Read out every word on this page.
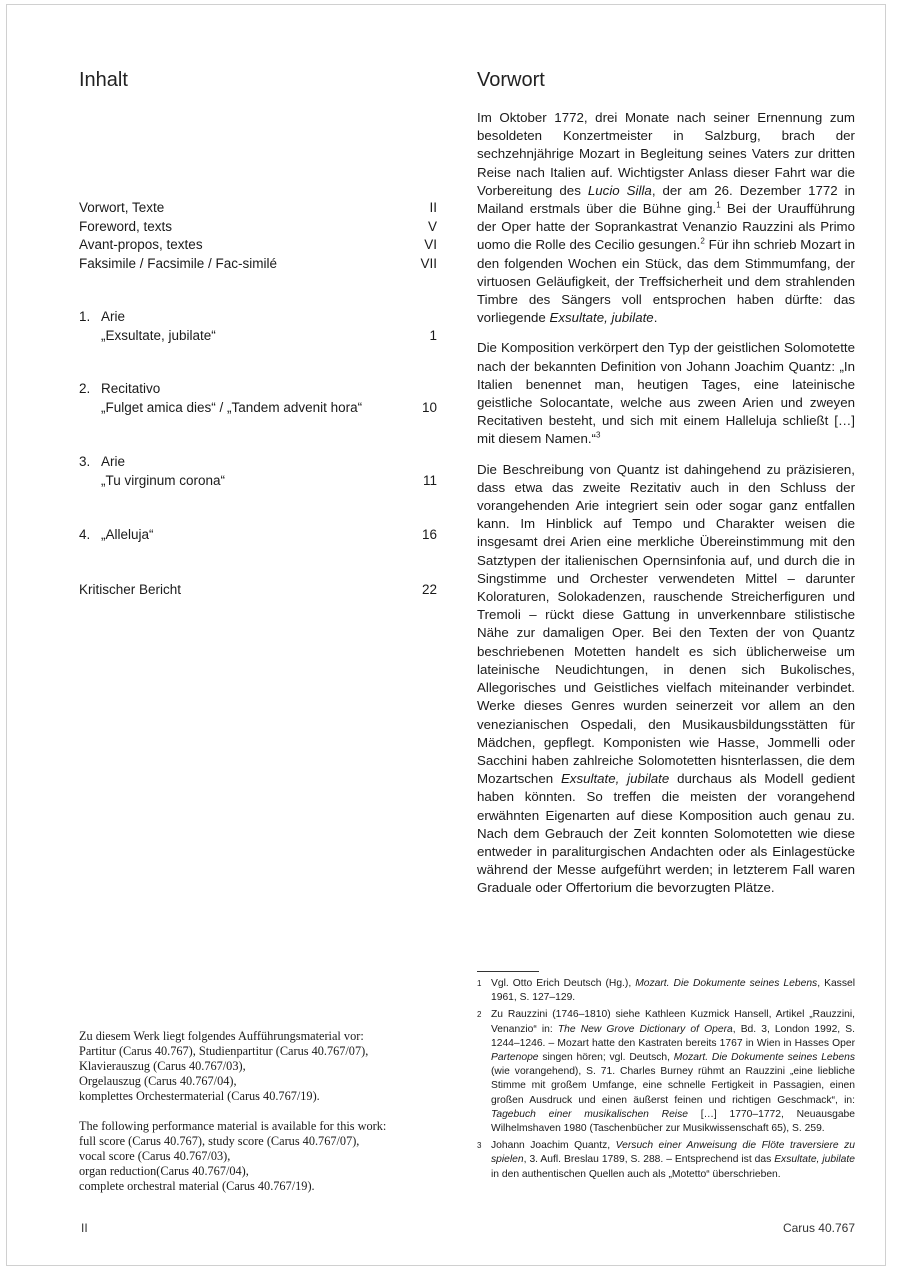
Inhalt
Vorwort, Texte	II
Foreword, texts	V
Avant-propos, textes	VI
Faksimile / Facsimile / Fac-similé	VII
1. Arie
„Exsultate, jubilate“	1
2. Recitativo
„Fulget amica dies“ / „Tandem advenit hora“	10
3. Arie
„Tu virginum corona“	11
4. „Alleluja“	16
Kritischer Bericht	22

Zu diesem Werk liegt folgendes Aufführungsmaterial vor:

Partitur (Carus 40.767), Studienpartitur (Carus 40.767/07),

Klavierauszug (Carus 40.767/03),

Orgelauszug (Carus 40.767/04),

komplettes Orchestermaterial (Carus 40.767/19).

The following performance material is available for this work:

full score (Carus 40.767), study score (Carus 40.767/07),

vocal score (Carus 40.767/03),

organ reduction(Carus 40.767/04),

complete orchestral material (Carus 40.767/19).

Vorwort

Im Oktober 1772, drei Monate nach seiner Ernennung zum besoldeten Konzertmeister in Salzburg, brach der sechzehnjährige Mozart in Begleitung seines Vaters zur dritten Reise nach Italien auf. Wichtigster Anlass dieser Fahrt war die Vorbereitung des Lucio Silla, der am 26. Dezember 1772 in Mailand erstmals über die Bühne ging.$^1$ Bei der Uraufführung der Oper hatte der Soprankastrat Venanzio Rauzzini als Primo uomo die Rolle des Cecilio gesungen.$^2$ Für ihn schrieb Mozart in den folgenden Wochen ein Stück, das dem Stimmumfang, der virtuosen Geläufigkeit, der Treffsicherheit und dem strahlenden Timbre des Sängers voll entsprochen haben dürfte: das vorliegende Exsultate, jubilate.

Die Komposition verkörpert den Typ der geistlichen Solomotette nach der bekannten Definition von Johann Joachim Quantz: „In Italien benennet man, heutigen Tages, eine lateinische geistliche Solocantate, welche aus zween Arien und zweyen Recitativen besteht, und sich mit einem Halleluja schließt […] mit diesem Namen.“$^3$

Die Beschreibung von Quantz ist dahingehend zu präzisieren, dass etwa das zweite Rezitativ auch in den Schluss der vorangehenden Arie integriert sein oder sogar ganz entfallen kann. Im Hinblick auf Tempo und Charakter weisen die insgesamt drei Arien eine merkliche Übereinstimmung mit den Satztypen der italienischen Opernsinfonia auf, und durch die in Singstimme und Orchester verwendeten Mittel – darunter Koloraturen, Solokadenzen, rauschende Streicherfiguren und Tremoli – rückt diese Gattung in unverkennbare stilistische Nähe zur damaligen Oper. Bei den Texten der von Quantz beschriebenen Motetten handelt es sich üblicherweise um lateinische Neudichtungen, in denen sich Bukolisches, Allegorisches und Geistliches vielfach miteinander verbindet. Werke dieses Genres wurden seinerzeit vor allem an den venezianischen Ospedali, den Musikausbildungsstätten für Mädchen, gepflegt. Komponisten wie Hasse, Jommelli oder Sacchini haben zahlreiche Solomotetten hisnterlassen, die dem Mozartschen Exsultate, jubilate durchaus als Modell gedient haben könnten. So treffen die meisten der vorangehend erwähnten Eigenarten auf diese Komposition auch genau zu. Nach dem Gebrauch der Zeit konnten Solomotetten wie diese entweder in paraliturgischen Andachten oder als Einlagestücke während der Messe aufgeführt werden; in letzterem Fall waren Graduale oder Offertorium die bevorzugten Plätze.

1 Vgl. Otto Erich Deutsch (Hg.), Mozart. Die Dokumente seines Lebens, Kassel 1961, S. 127–129.
2 Zu Rauzzini (1746–1810) siehe Kathleen Kuzmick Hansell, Artikel „Rauzzini, Venanzio“ in: The New Grove Dictionary of Opera, Bd. 3, London 1992, S. 1244–1246. – Mozart hatte den Kastraten bereits 1767 in Wien in Hasses Oper Partenope singen hören; vgl. Deutsch, Mozart. Die Dokumente seines Lebens (wie vorangehend), S. 71. Charles Burney rühmt an Rauzzini „eine liebliche Stimme mit großem Umfange, eine schnelle Fertigkeit in Passagien, einen großen Ausdruck und einen äußerst feinen und richtigen Geschmack“, in: Tagebuch einer musikalischen Reise […] 1770–1772, Neuausgabe Wilhelmshaven 1980 (Taschenbücher zur Musikwissenschaft 65), S. 259.
3 Johann Joachim Quantz, Versuch einer Anweisung die Flöte traversiere zu spielen, 3. Aufl. Breslau 1789, S. 288. – Entsprechend ist das Exsultate, jubilate in den authentischen Quellen auch als „Motetto“ überschrieben.
II	Carus 40.767
